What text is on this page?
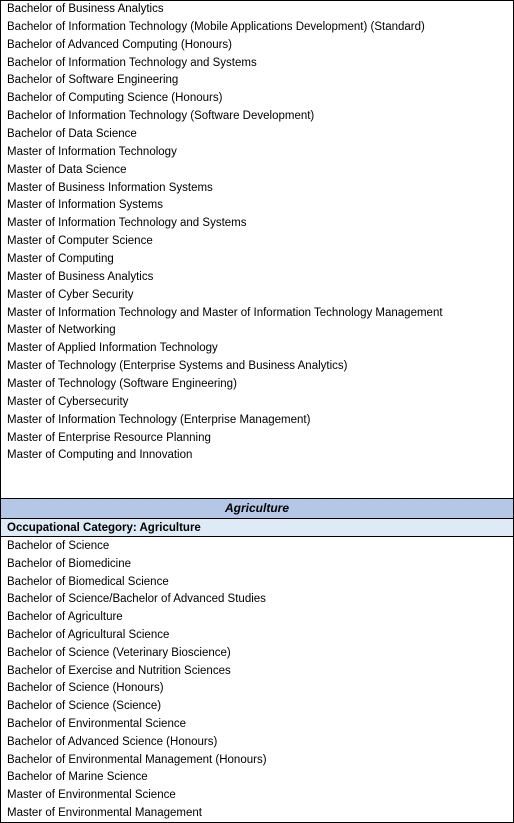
Bachelor of Business Analytics
Bachelor of Information Technology (Mobile Applications Development) (Standard)
Bachelor of Advanced Computing (Honours)
Bachelor of Information Technology and Systems
Bachelor of Software Engineering
Bachelor of Computing Science (Honours)
Bachelor of Information Technology (Software Development)
Bachelor of Data Science
Master of Information Technology
Master of Data Science
Master of Business Information Systems
Master of Information Systems
Master of Information Technology and Systems
Master of Computer Science
Master of Computing
Master of Business Analytics
Master of Cyber Security
Master of Information Technology and Master of Information Technology Management
Master of Networking
Master of Applied Information Technology
Master of Technology (Enterprise Systems and Business Analytics)
Master of Technology (Software Engineering)
Master of Cybersecurity
Master of Information Technology (Enterprise Management)
Master of Enterprise Resource Planning
Master of Computing and Innovation
Agriculture
Occupational Category: Agriculture
Bachelor of Science
Bachelor of Biomedicine
Bachelor of Biomedical Science
Bachelor of Science/Bachelor of Advanced Studies
Bachelor of Agriculture
Bachelor of Agricultural Science
Bachelor of Science (Veterinary Bioscience)
Bachelor of Exercise and Nutrition Sciences
Bachelor of Science (Honours)
Bachelor of Science (Science)
Bachelor of Environmental Science
Bachelor of Advanced Science (Honours)
Bachelor of Environmental Management (Honours)
Bachelor of Marine Science
Master of Environmental Science
Master of Environmental Management
